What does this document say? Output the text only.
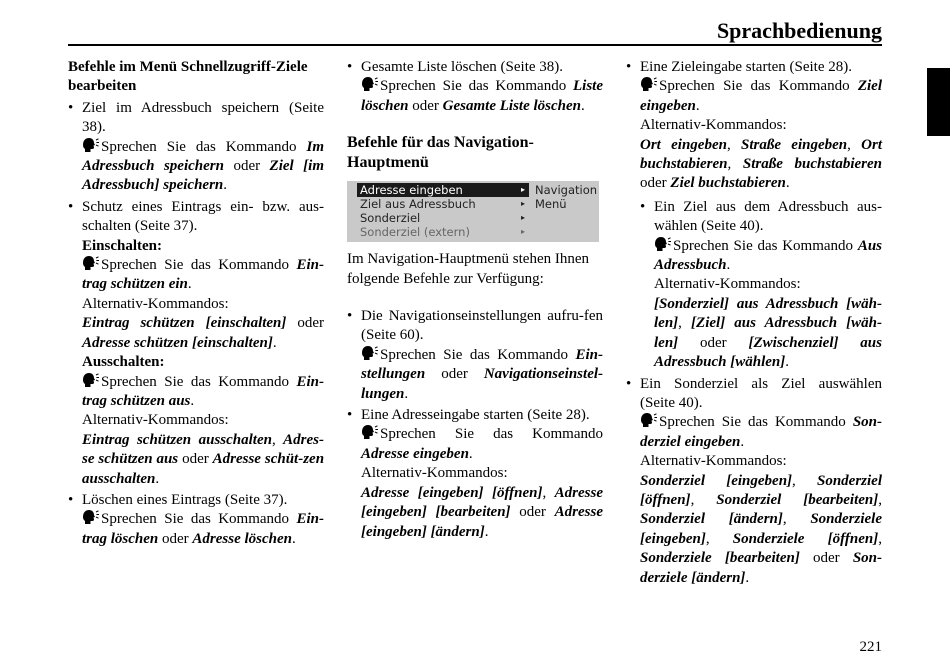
Sprachbedienung
Befehle im Menü Schnellzugriff-Ziele bearbeiten
• Ziel im Adressbuch speichern (Seite 38).

Sprechen Sie das Kommando Im Adressbuch speichern oder Ziel [im Adressbuch] speichern.
• Schutz eines Eintrags ein- bzw. aus-schalten (Seite 37).
Einschalten:

Sprechen Sie das Kommando Ein-trag schützen ein.
Alternativ-Kommandos:
Eintrag schützen [einschalten] oder Adresse schützen [einschalten].
Ausschalten:

Sprechen Sie das Kommando Ein-trag schützen aus.
Alternativ-Kommandos:
Eintrag schützen ausschalten, Adres-se schützen aus oder Adresse schüt-zen ausschalten.
• Löschen eines Eintrags (Seite 37).

Sprechen Sie das Kommando Ein-trag löschen oder Adresse löschen.
• Gesamte Liste löschen (Seite 38).

Sprechen Sie das Kommando Liste löschen oder Gesamte Liste löschen.
Befehle für das Navigation-Hauptmenü
Adresse eingeben	▸
Ziel aus Adressbuch	▸
Sonderziel	▸
Sonderziel (extern)	▸
Navigation
Menü

Im Navigation-Hauptmenü stehen Ihnen folgende Befehle zur Verfügung:

• Die Navigationseinstellungen aufru-fen (Seite 60).

Sprechen Sie das Kommando Ein-stellungen oder Navigationseinstel-lungen.
• Eine Adresseingabe starten (Seite 28).

Sprechen Sie das Kommando Adresse eingeben.
Alternativ-Kommandos:
Adresse [eingeben] [öffnen], Adresse [eingeben] [bearbeiten] oder Adresse [eingeben] [ändern].
• Eine Zieleingabe starten (Seite 28).

Sprechen Sie das Kommando Ziel eingeben.
Alternativ-Kommandos:
Ort eingeben, Straße eingeben, Ort buchstabieren, Straße buchstabieren oder Ziel buchstabieren.
• Ein Ziel aus dem Adressbuch aus-wählen (Seite 40).

Sprechen Sie das Kommando Aus Adressbuch.
Alternativ-Kommandos:
[Sonderziel] aus Adressbuch [wäh-len], [Ziel] aus Adressbuch [wäh-len] oder [Zwischenziel] aus Adressbuch [wählen].
• Ein Sonderziel als Ziel auswählen (Seite 40).

Sprechen Sie das Kommando Son-derziel eingeben.
Alternativ-Kommandos:
Sonderziel [eingeben], Sonderziel [öffnen], Sonderziel [bearbeiten], Sonderziel [ändern], Sonderziele [eingeben], Sonderziele [öffnen], Sonderziele [bearbeiten] oder Son-derziele [ändern].
221
